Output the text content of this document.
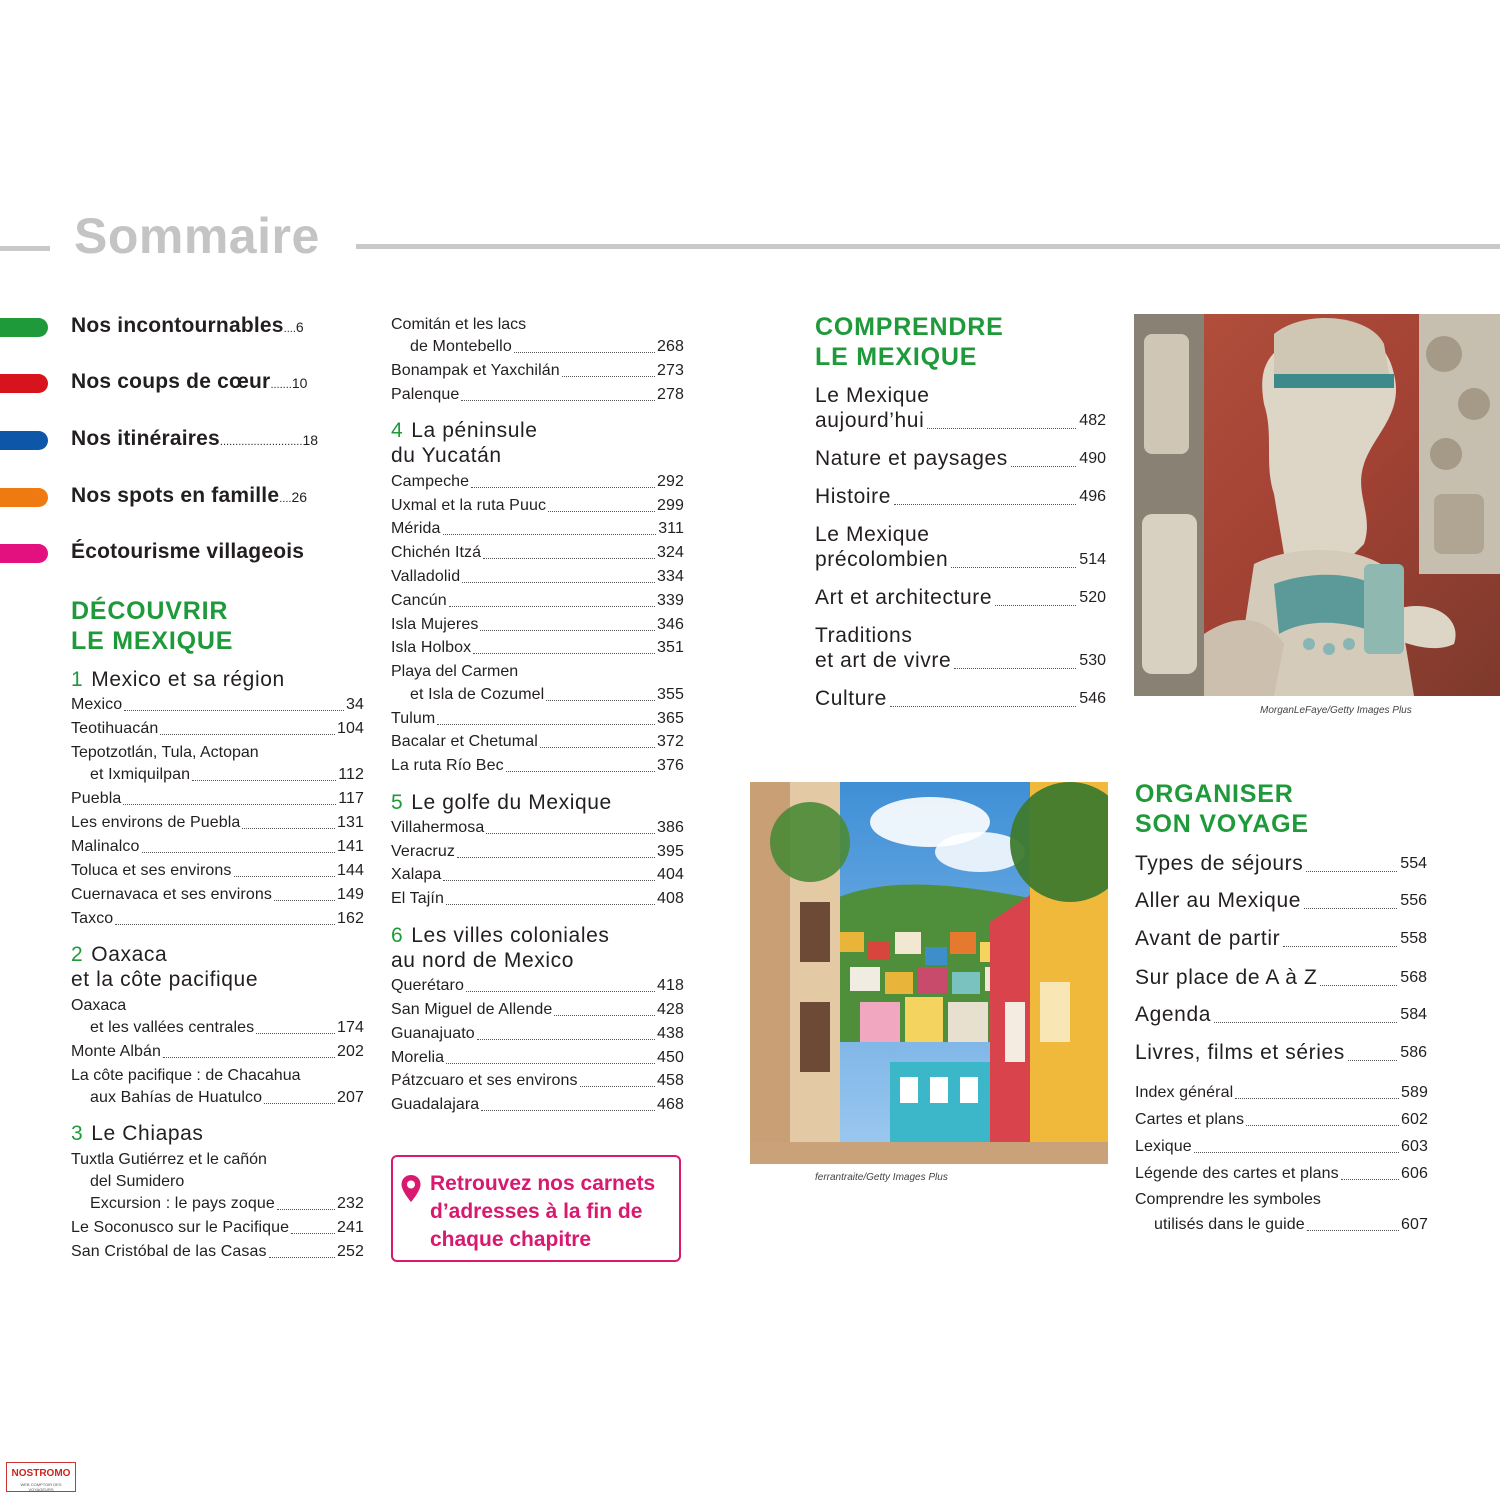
Sommaire
Nos incontournables....6
Nos coups de cœur.......10
Nos itinéraires...........................18
Nos spots en famille....26
Écotourisme villageois
DÉCOUVRIR
LE MEXIQUE
1 Mexico et sa région
Mexico	34
Teotihuacán	104
Tepotzotlán, Tula, Actopan
et Ixmiquilpan	112
Puebla	117
Les environs de Puebla	131
Malinalco	141
Toluca et ses environs	144
Cuernavaca et ses environs	149
Taxco	162
2 Oaxaca
et la côte pacifique
Oaxaca
et les vallées centrales	174
Monte Albán	202
La côte pacifique : de Chacahua
aux Bahías de Huatulco	207
3 Le Chiapas
Tuxtla Gutiérrez et le cañón
del Sumidero
Excursion : le pays zoque	232
Le Soconusco sur le Pacifique	241
San Cristóbal de las Casas	252
Comitán et les lacs
de Montebello	268
Bonampak et Yaxchilán	273
Palenque	278
4 La péninsule
du Yucatán
Campeche	292
Uxmal et la ruta Puuc	299
Mérida	311
Chichén Itzá	324
Valladolid	334
Cancún	339
Isla Mujeres	346
Isla Holbox	351
Playa del Carmen
et Isla de Cozumel	355
Tulum	365
Bacalar et Chetumal	372
La ruta Río Bec	376
5 Le golfe du Mexique
Villahermosa	386
Veracruz	395
Xalapa	404
El Tajín	408
6 Les villes coloniales
au nord de Mexico
Querétaro	418
San Miguel de Allende	428
Guanajuato	438
Morelia	450
Pátzcuaro et ses environs	458
Guadalajara	468
Retrouvez nos carnets d’adresses à la fin de chaque chapitre
COMPRENDRE
LE MEXIQUE
Le Mexique
aujourd’hui	482
Nature et paysages	490
Histoire	496
Le Mexique
précolombien	514
Art et architecture	520
Traditions
et art de vivre	530
Culture	546
MorganLeFaye/Getty Images Plus
ferrantraite/Getty Images Plus
ORGANISER
SON VOYAGE
Types de séjours	554
Aller au Mexique	556
Avant de partir	558
Sur place de A à Z	568
Agenda	584
Livres, films et séries	586
Index général	589
Cartes et plans	602
Lexique	603
Légende des cartes et plans	606
Comprendre les symboles
utilisés dans le guide	607
NOSTROMO
WEB COMPTOIR DES VOYAGEURS
